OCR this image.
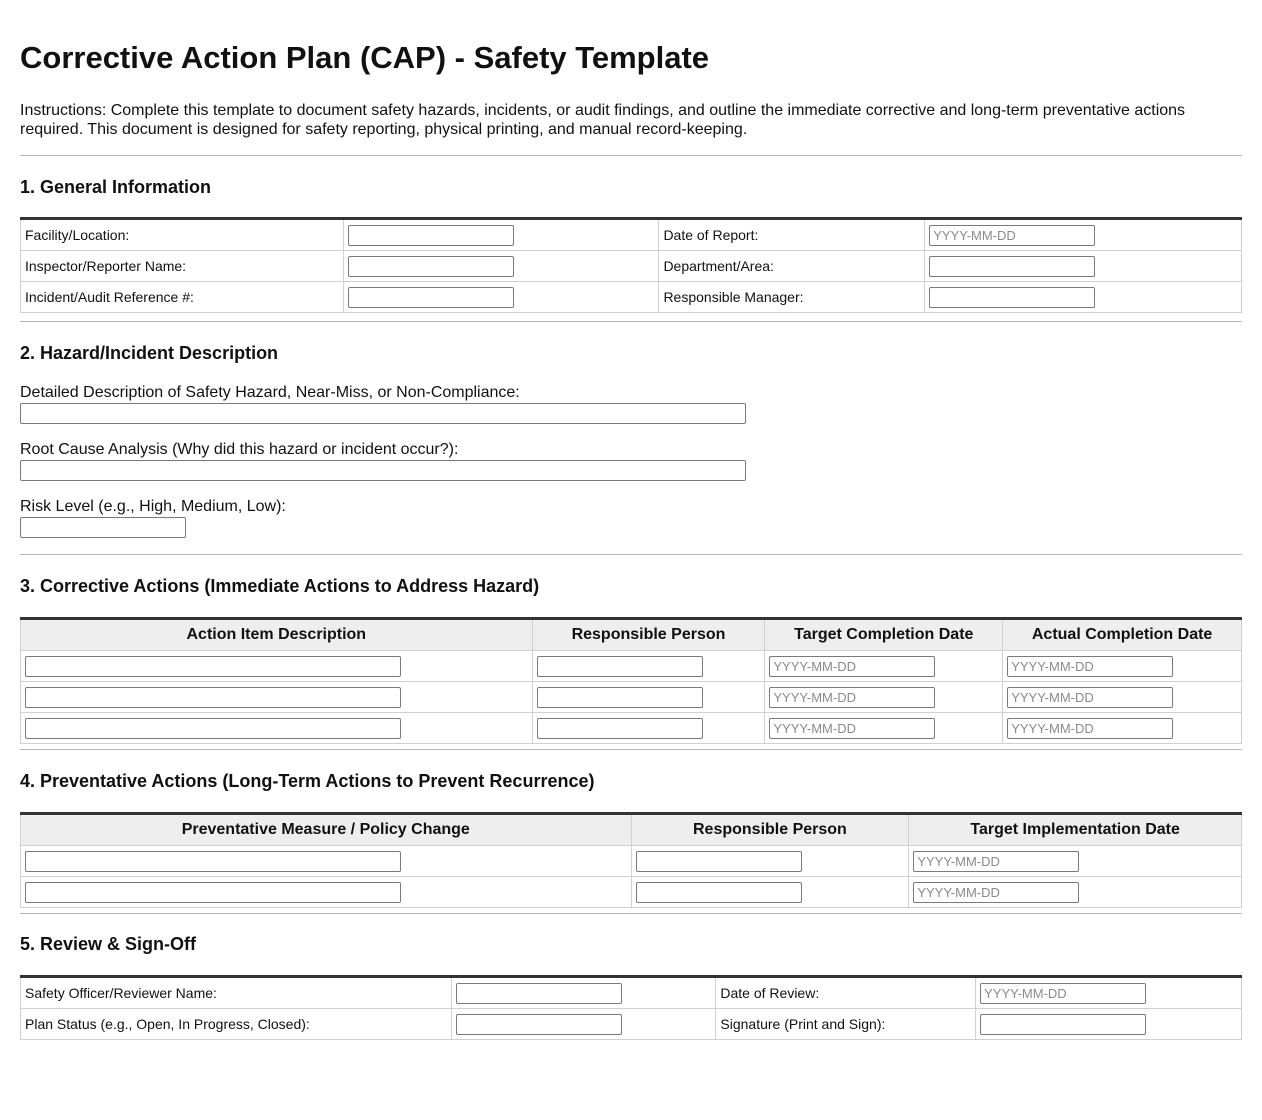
Corrective Action Plan (CAP) - Safety Template

Instructions: Complete this template to document safety hazards, incidents, or audit findings, and outline the immediate corrective and long-term preventative actions required. This document is designed for safety reporting, physical printing, and manual record-keeping.

1. General Information
Facility/Location:		Date of Report:	YYYY-MM-DD
Inspector/Reporter Name:		Department/Area:	
Incident/Audit Reference #:		Responsible Manager:	
2. Hazard/Incident Description

Detailed Description of Safety Hazard, Near-Miss, or Non-Compliance:

Root Cause Analysis (Why did this hazard or incident occur?):

Risk Level (e.g., High, Medium, Low):

3. Corrective Actions (Immediate Actions to Address Hazard)
Action Item Description	Responsible Person	Target Completion Date	Actual Completion Date
		YYYY-MM-DD	YYYY-MM-DD
		YYYY-MM-DD	YYYY-MM-DD
		YYYY-MM-DD	YYYY-MM-DD
4. Preventative Actions (Long-Term Actions to Prevent Recurrence)
Preventative Measure / Policy Change	Responsible Person	Target Implementation Date
		YYYY-MM-DD
		YYYY-MM-DD
5. Review & Sign-Off
Safety Officer/Reviewer Name:		Date of Review:	YYYY-MM-DD
Plan Status (e.g., Open, In Progress, Closed):		Signature (Print and Sign):	
